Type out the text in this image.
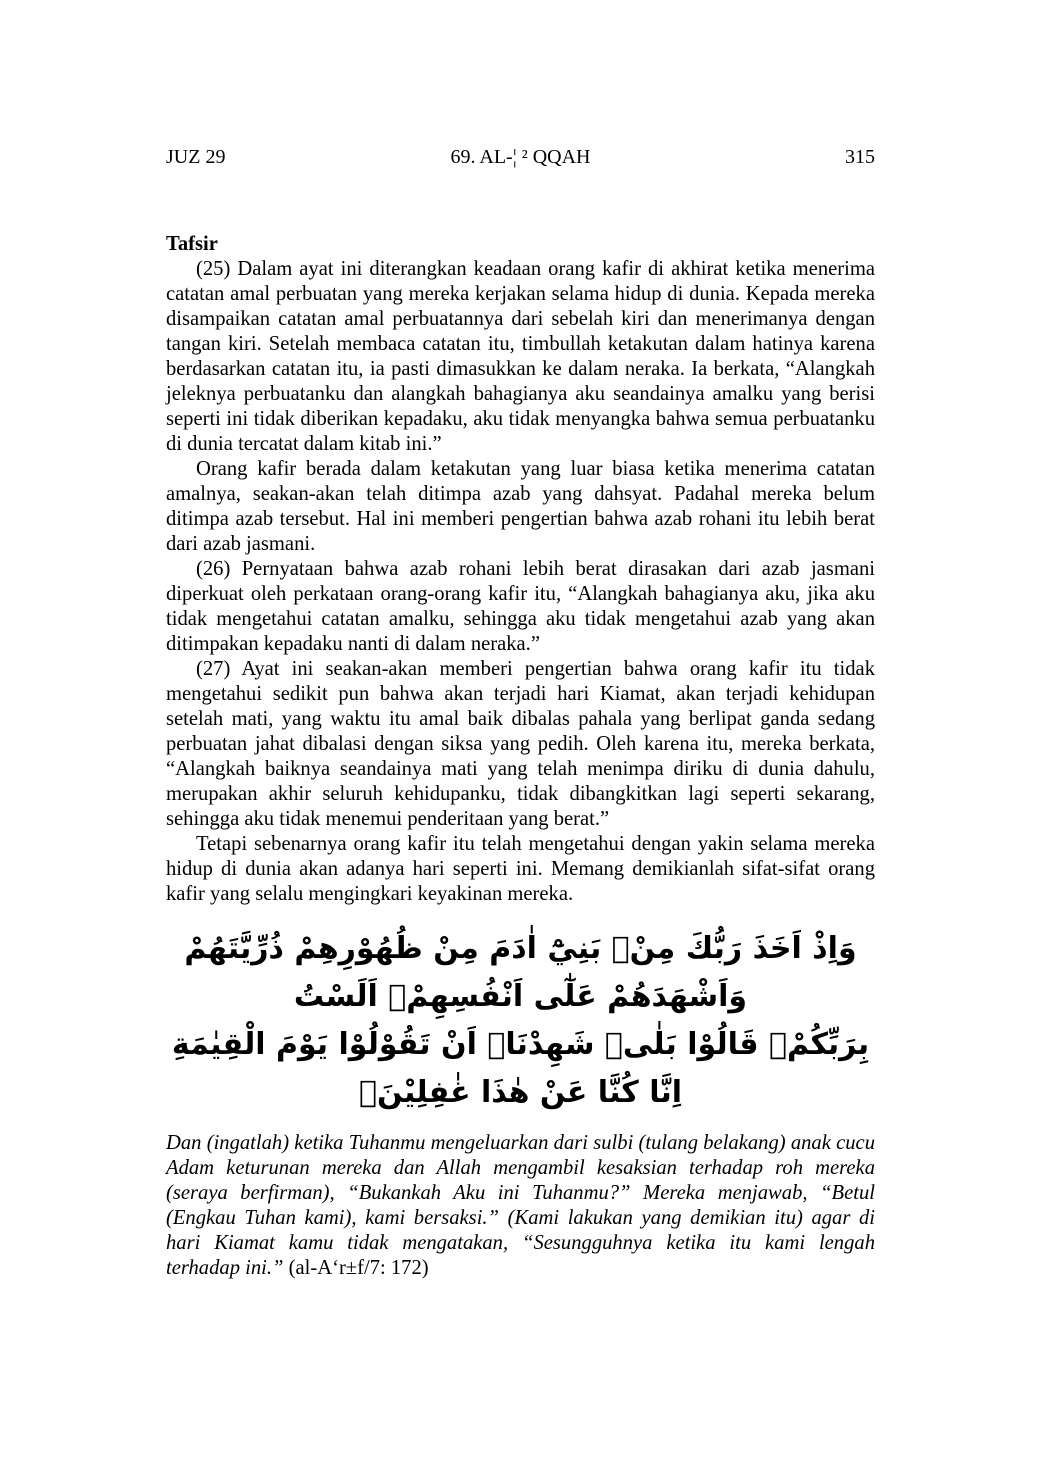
JUZ 29	69. AL-¦ ² QQAH	315

Tafsir

(25) Dalam ayat ini diterangkan keadaan orang kafir di akhirat ketika menerima catatan amal perbuatan yang mereka kerjakan selama hidup di dunia. Kepada mereka disampaikan catatan amal perbuatannya dari sebelah kiri dan menerimanya dengan tangan kiri. Setelah membaca catatan itu, timbullah ketakutan dalam hatinya karena berdasarkan catatan itu, ia pasti dimasukkan ke dalam neraka. Ia berkata, “Alangkah jeleknya perbuatanku dan alangkah bahagianya aku seandainya amalku yang berisi seperti ini tidak diberikan kepadaku, aku tidak menyangka bahwa semua perbuatanku di dunia tercatat dalam kitab ini.”

Orang kafir berada dalam ketakutan yang luar biasa ketika menerima catatan amalnya, seakan-akan telah ditimpa azab yang dahsyat. Padahal mereka belum ditimpa azab tersebut. Hal ini memberi pengertian bahwa azab rohani itu lebih berat dari azab jasmani.

(26) Pernyataan bahwa azab rohani lebih berat dirasakan dari azab jasmani diperkuat oleh perkataan orang-orang kafir itu, “Alangkah bahagianya aku, jika aku tidak mengetahui catatan amalku, sehingga aku tidak mengetahui azab yang akan ditimpakan kepadaku nanti di dalam neraka.”

(27) Ayat ini seakan-akan memberi pengertian bahwa orang kafir itu tidak mengetahui sedikit pun bahwa akan terjadi hari Kiamat, akan terjadi kehidupan setelah mati, yang waktu itu amal baik dibalas pahala yang berlipat ganda sedang perbuatan jahat dibalasi dengan siksa yang pedih. Oleh karena itu, mereka berkata, “Alangkah baiknya seandainya mati yang telah menimpa diriku di dunia dahulu, merupakan akhir seluruh kehidupanku, tidak dibangkitkan lagi seperti sekarang, sehingga aku tidak menemui penderitaan yang berat.”

Tetapi sebenarnya orang kafir itu telah mengetahui dengan yakin selama mereka hidup di dunia akan adanya hari seperti ini. Memang demikianlah sifat-sifat orang kafir yang selalu mengingkari keyakinan mereka.

وَاِذْ اَخَذَ رَبُّكَ مِنْۢ بَنِيْٓ اٰدَمَ مِنْ ظُهُوْرِهِمْ ذُرِّيَّتَهُمْ وَاَشْهَدَهُمْ عَلٰٓى اَنْفُسِهِمْۚ اَلَسْتُ
بِرَبِّكُمْۗ قَالُوْا بَلٰىۛ شَهِدْنَاۛ اَنْ تَقُوْلُوْا يَوْمَ الْقِيٰمَةِ اِنَّا كُنَّا عَنْ هٰذَا غٰفِلِيْنَۙ

Dan (ingatlah) ketika Tuhanmu mengeluarkan dari sulbi (tulang belakang) anak cucu Adam keturunan mereka dan Allah mengambil kesaksian terhadap roh mereka (seraya berfirman), “Bukankah Aku ini Tuhanmu?” Mereka menjawab, “Betul (Engkau Tuhan kami), kami bersaksi.” (Kami lakukan yang demikian itu) agar di hari Kiamat kamu tidak mengatakan, “Sesungguhnya ketika itu kami lengah terhadap ini.” (al-A‘r±f/7: 172)
